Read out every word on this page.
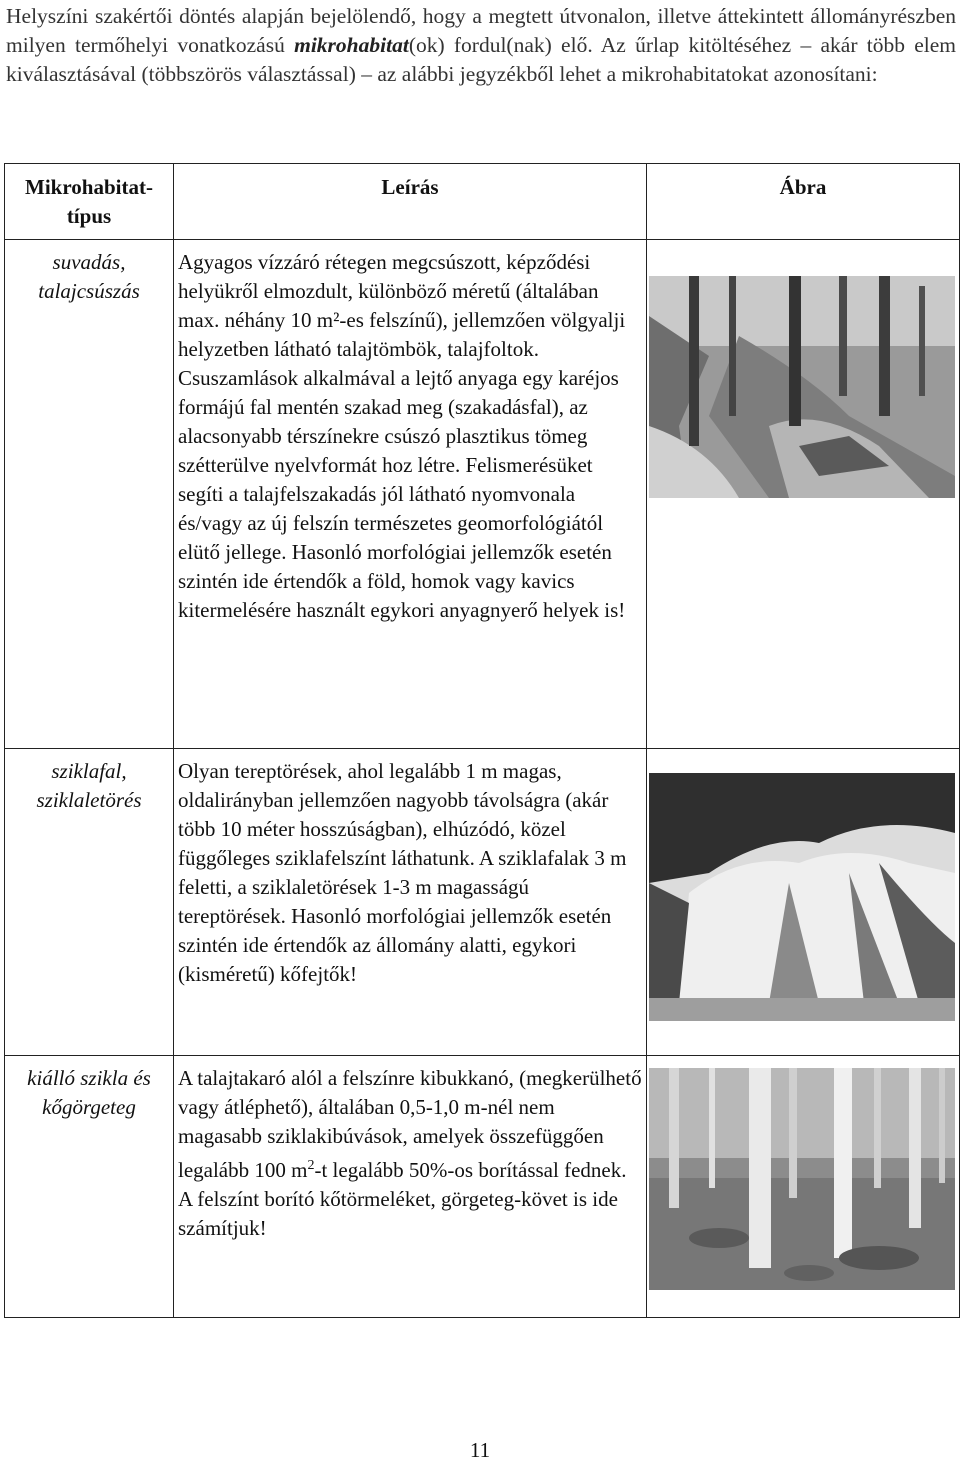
Helyszíni szakértői döntés alapján bejelölendő, hogy a megtett útvonalon, illetve áttekintett állományrészben milyen termőhelyi vonatkozású mikrohabitat(ok) fordul(nak) elő. Az űrlap kitöltéséhez – akár több elem kiválasztásával (többszörös választással) – az alábbi jegyzékből lehet a mikrohabitatokat azonosítani:
Mikrohabitat-típus	Leírás	Ábra
suvadás, talajcsúszás	Agyagos vízzáró rétegen megcsúszott, képződési helyükről elmozdult, különböző méretű (általában max. néhány 10 m²-es felszínű), jellemzően völgyalji helyzetben látható talajtömbök, talajfoltok. Csuszamlások alkalmával a lejtő anyaga egy karéjos formájú fal mentén szakad meg (szakadásfal), az alacsonyabb térszínekre csúszó plasztikus tömeg szétterülve nyelvformát hoz létre. Felismerésüket segíti a talajfelszakadás jól látható nyomvonala és/vagy az új felszín természetes geomorfológiától elütő jellege. Hasonló morfológiai jellemzők esetén szintén ide értendők a föld, homok vagy kavics kitermelésére használt egykori anyagnyerő helyek is!	

sziklafal, sziklaletörés	Olyan tereptörések, ahol legalább 1 m magas, oldalirányban jellemzően nagyobb távolságra (akár több 10 méter hosszúságban), elhúzódó, közel függőleges sziklafelszínt láthatunk. A sziklafalak 3 m feletti, a sziklaletörések 1-3 m magasságú tereptörések. Hasonló morfológiai jellemzők esetén szintén ide értendők az állomány alatti, egykori (kisméretű) kőfejtők!	

kiálló szikla és kőgörgeteg	A talajtakaró alól a felszínre kibukkanó, (megkerülhető vagy átléphető), általában 0,5-1,0 m-nél nem magasabb sziklakibúvások, amelyek összefüggően legalább 100 $m^2-t$ legalább 50%-os borítással fednek. A felszínt borító kőtörmeléket, görgeteg-követ is ide számítjuk!	
11
